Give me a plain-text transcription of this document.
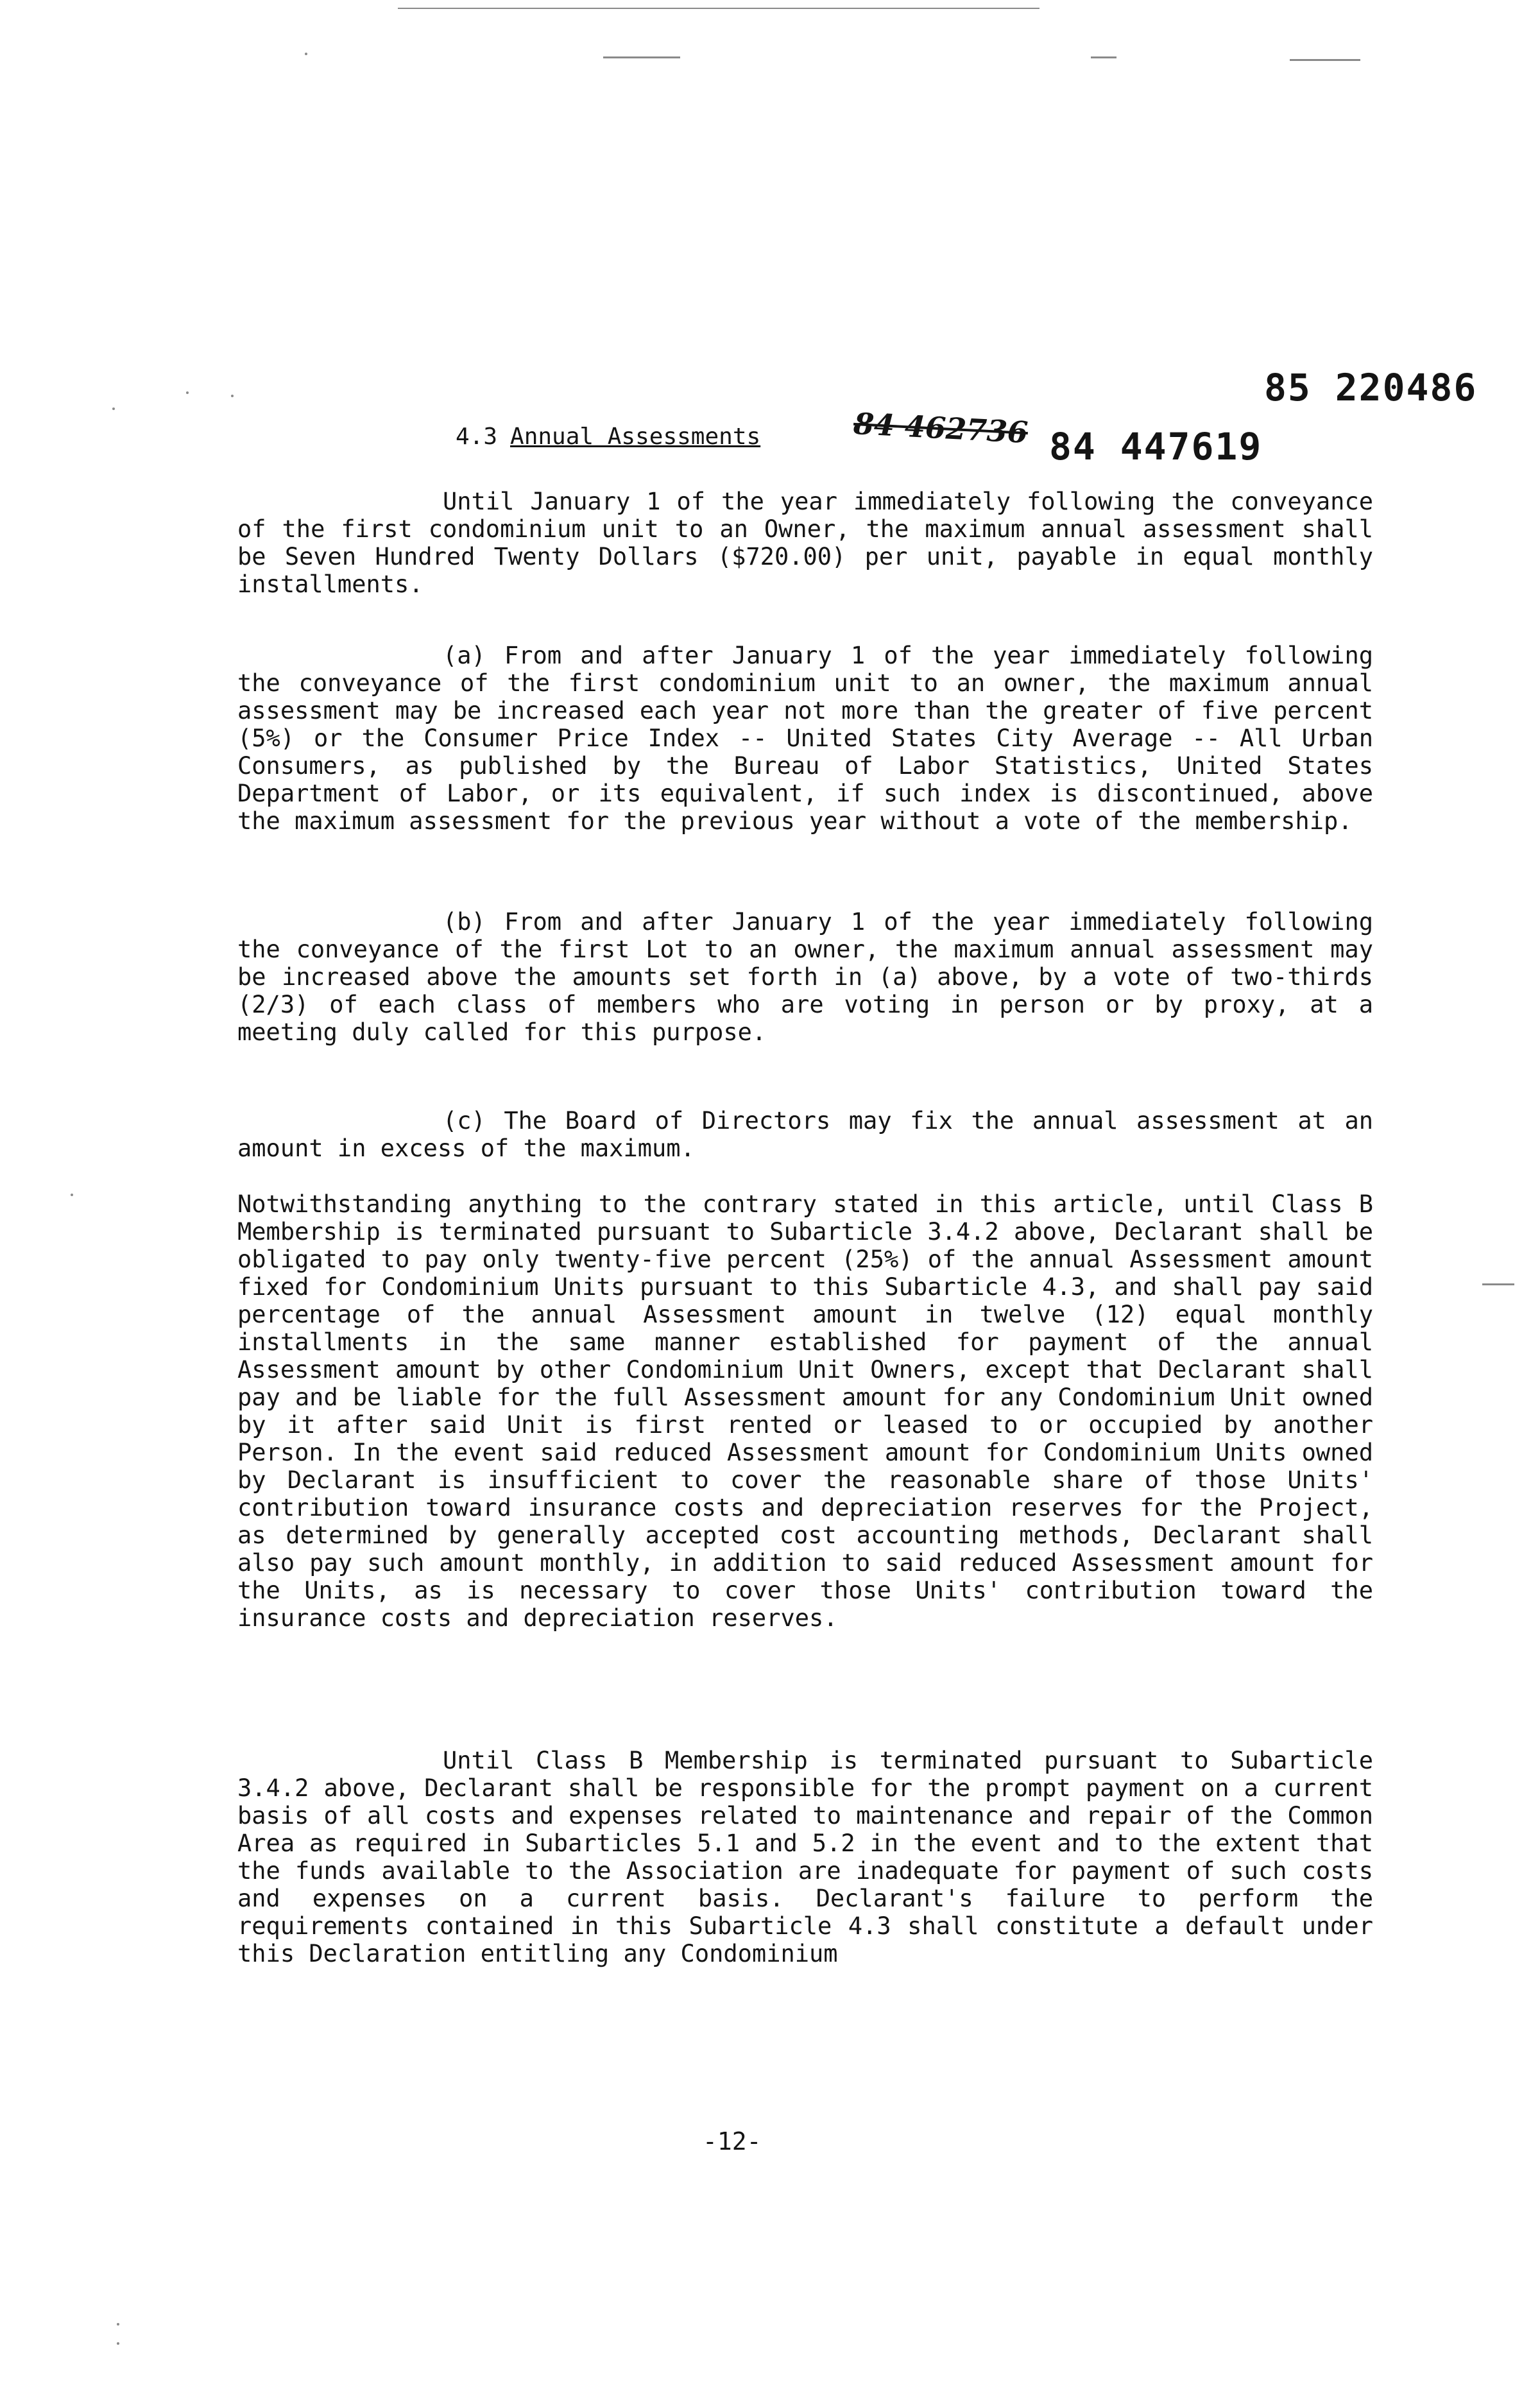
85 220486
4.3 Annual Assessments	84 462736 84 447619

Until January 1 of the year immediately following the conveyance of the first condominium unit to an Owner, the maximum annual assessment shall be Seven Hundred Twenty Dollars ($720.00) per unit, payable in equal monthly installments.

(a) From and after January 1 of the year immediately following the conveyance of the first condominium unit to an owner, the maximum annual assessment may be increased each year not more than the greater of five percent (5%) or the Consumer Price Index -- United States City Average -- All Urban Consumers, as published by the Bureau of Labor Statistics, United States Department of Labor, or its equivalent, if such index is discontinued, above the maximum assessment for the previous year without a vote of the membership.

(b) From and after January 1 of the year immediately following the conveyance of the first Lot to an owner, the maximum annual assessment may be increased above the amounts set forth in (a) above, by a vote of two-thirds (2/3) of each class of members who are voting in person or by proxy, at a meeting duly called for this purpose.

(c) The Board of Directors may fix the annual assessment at an amount in excess of the maximum.

Notwithstanding anything to the contrary stated in this article, until Class B Membership is terminated pursuant to Subarticle 3.4.2 above, Declarant shall be obligated to pay only twenty-five percent (25%) of the annual Assessment amount fixed for Condominium Units pursuant to this Subarticle 4.3, and shall pay said percentage of the annual Assessment amount in twelve (12) equal monthly installments in the same manner established for payment of the annual Assessment amount by other Condominium Unit Owners, except that Declarant shall pay and be liable for the full Assessment amount for any Condominium Unit owned by it after said Unit is first rented or leased to or occupied by another Person. In the event said reduced Assessment amount for Condominium Units owned by Declarant is insufficient to cover the reasonable share of those Units' contribution toward insurance costs and depreciation reserves for the Project, as determined by generally accepted cost accounting methods, Declarant shall also pay such amount monthly, in addition to said reduced Assessment amount for the Units, as is necessary to cover those Units' contribution toward the insurance costs and depreciation reserves.

Until Class B Membership is terminated pursuant to Subarticle 3.4.2 above, Declarant shall be responsible for the prompt payment on a current basis of all costs and expenses related to maintenance and repair of the Common Area as required in Subarticles 5.1 and 5.2 in the event and to the extent that the funds available to the Association are inadequate for payment of such costs and expenses on a current basis. Declarant's failure to perform the requirements contained in this Subarticle 4.3 shall constitute a default under this Declaration entitling any Condominium

-12-
